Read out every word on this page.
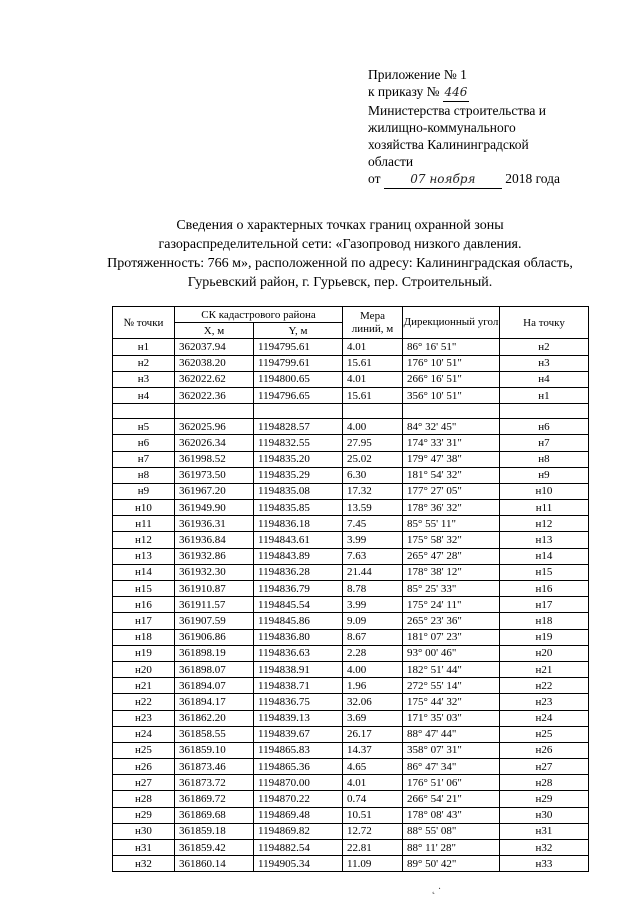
Приложение № 1
к приказу № 446
Министерства строительства и
жилищно-коммунального
хозяйства Калининградской
области
от 07 ноября 2018 года
Сведения о характерных точках границ охранной зоны
газораспределительной сети: «Газопровод низкого давления.
Протяженность: 766 м», расположенной по адресу: Калининградская область,
Гурьевский район, г. Гурьевск, пер. Строительный.
№ точки	СК кадастрового района		Мера линий, м	Дирекционный угол	На точку
	X, м	Y, м			
н1	362037.94	1194795.61	4.01	86° 16' 51"	н2
н2	362038.20	1194799.61	15.61	176° 10' 51"	н3
н3	362022.62	1194800.65	4.01	266° 16' 51"	н4
н4	362022.36	1194796.65	15.61	356° 10' 51"	н1

н5	362025.96	1194828.57	4.00	84° 32' 45"	н6
н6	362026.34	1194832.55	27.95	174° 33' 31"	н7
н7	361998.52	1194835.20	25.02	179° 47' 38"	н8
н8	361973.50	1194835.29	6.30	181° 54' 32"	н9
н9	361967.20	1194835.08	17.32	177° 27' 05"	н10
н10	361949.90	1194835.85	13.59	178° 36' 32"	н11
н11	361936.31	1194836.18	7.45	85° 55' 11"	н12
н12	361936.84	1194843.61	3.99	175° 58' 32"	н13
н13	361932.86	1194843.89	7.63	265° 47' 28"	н14
н14	361932.30	1194836.28	21.44	178° 38' 12"	н15
н15	361910.87	1194836.79	8.78	85° 25' 33"	н16
н16	361911.57	1194845.54	3.99	175° 24' 11"	н17
н17	361907.59	1194845.86	9.09	265° 23' 36"	н18
н18	361906.86	1194836.80	8.67	181° 07' 23"	н19
н19	361898.19	1194836.63	2.28	93° 00' 46"	н20
н20	361898.07	1194838.91	4.00	182° 51' 44"	н21
н21	361894.07	1194838.71	1.96	272° 55' 14"	н22
н22	361894.17	1194836.75	32.06	175° 44' 32"	н23
н23	361862.20	1194839.13	3.69	171° 35' 03"	н24
н24	361858.55	1194839.67	26.17	88° 47' 44"	н25
н25	361859.10	1194865.83	14.37	358° 07' 31"	н26
н26	361873.46	1194865.36	4.65	86° 47' 34"	н27
н27	361873.72	1194870.00	4.01	176° 51' 06"	н28
н28	361869.72	1194870.22	0.74	266° 54' 21"	н29
н29	361869.68	1194869.48	10.51	178° 08' 43"	н30
н30	361859.18	1194869.82	12.72	88° 55' 08"	н31
н31	361859.42	1194882.54	22.81	88° 11' 28"	н32
н32	361860.14	1194905.34	11.09	89° 50' 42"	н33
˛ ·
